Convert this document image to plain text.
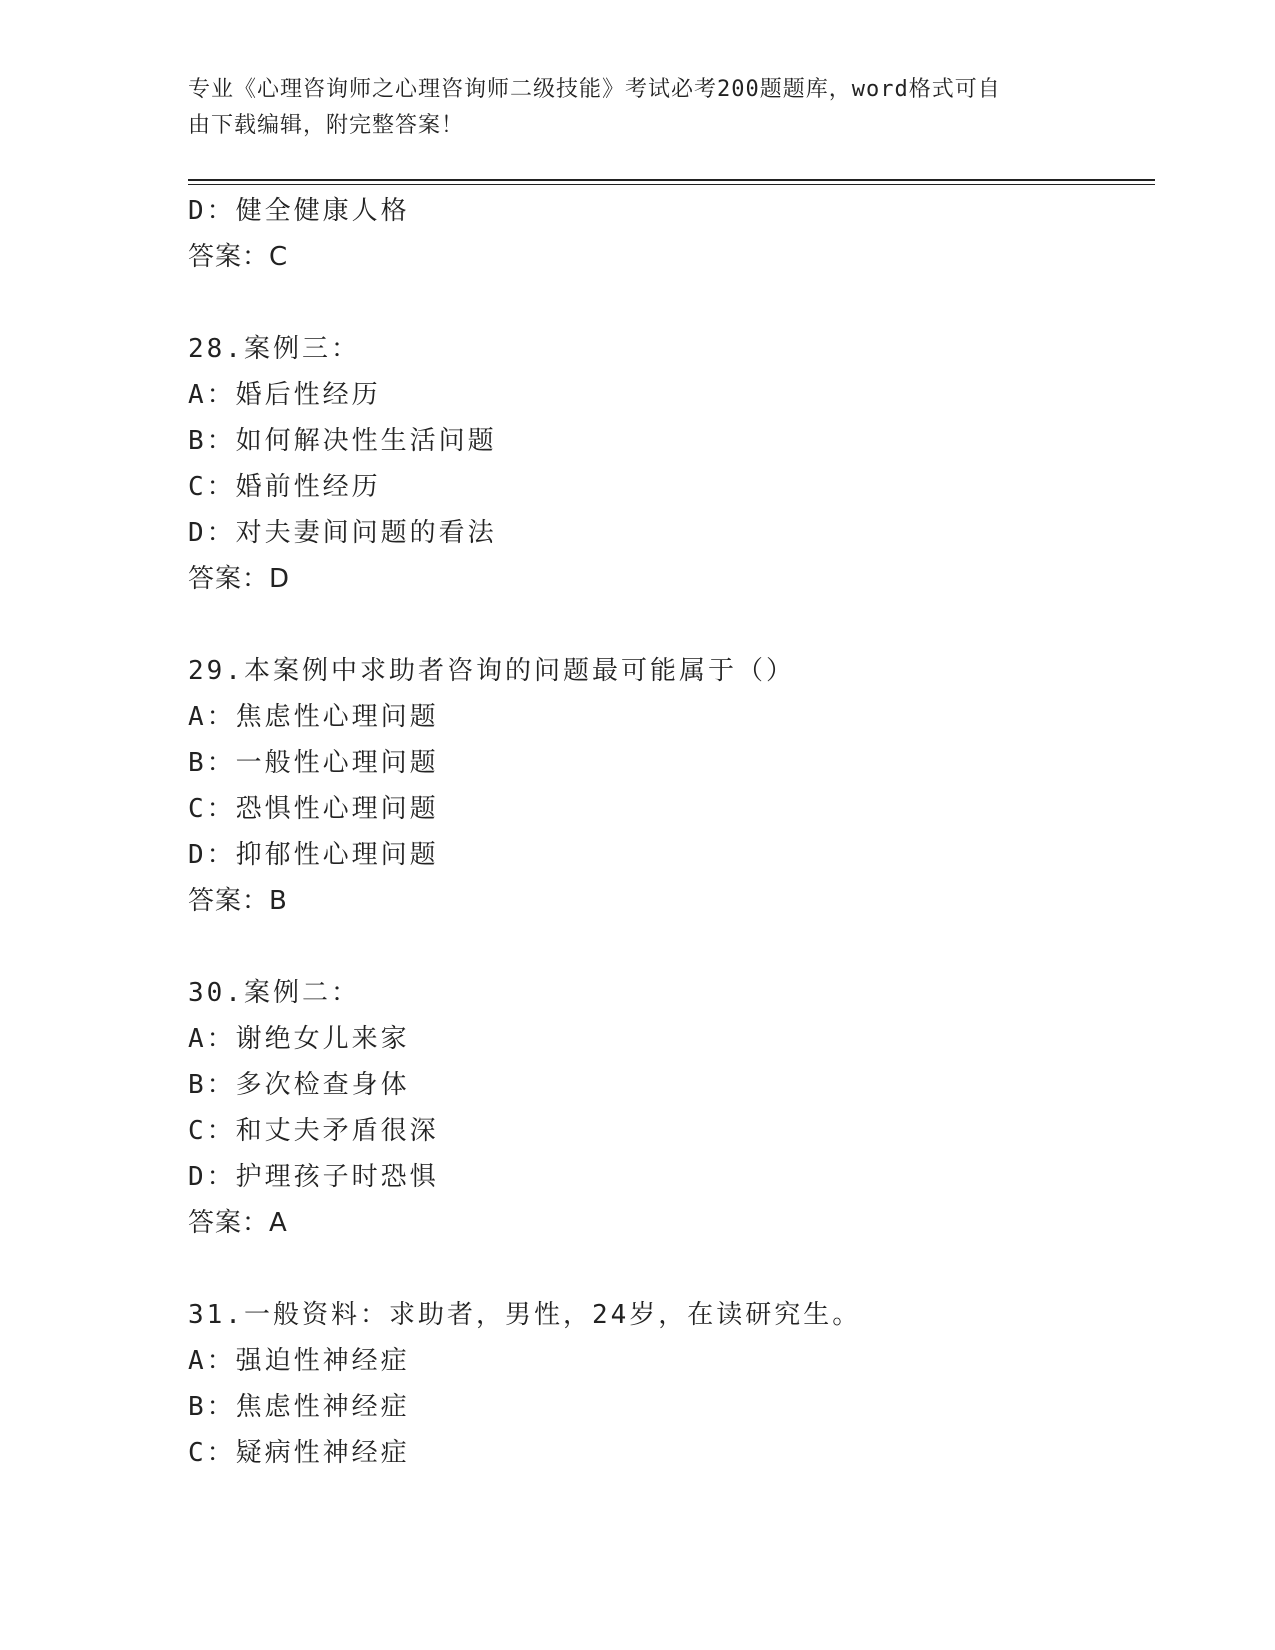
专业《心理咨询师之心理咨询师二级技能》考试必考200题题库，word格式可自
由下载编辑，附完整答案！
D：健全健康人格
答案：C
28.案例三：
A：婚后性经历
B：如何解决性生活问题
C：婚前性经历
D：对夫妻间问题的看法
答案：D
29.本案例中求助者咨询的问题最可能属于（）
A：焦虑性心理问题
B：一般性心理问题
C：恐惧性心理问题
D：抑郁性心理问题
答案：B
30.案例二：
A：谢绝女儿来家
B：多次检查身体
C：和丈夫矛盾很深
D：护理孩子时恐惧
答案：A
31.一般资料：求助者，男性，24岁，在读研究生。
A：强迫性神经症
B：焦虑性神经症
C：疑病性神经症
